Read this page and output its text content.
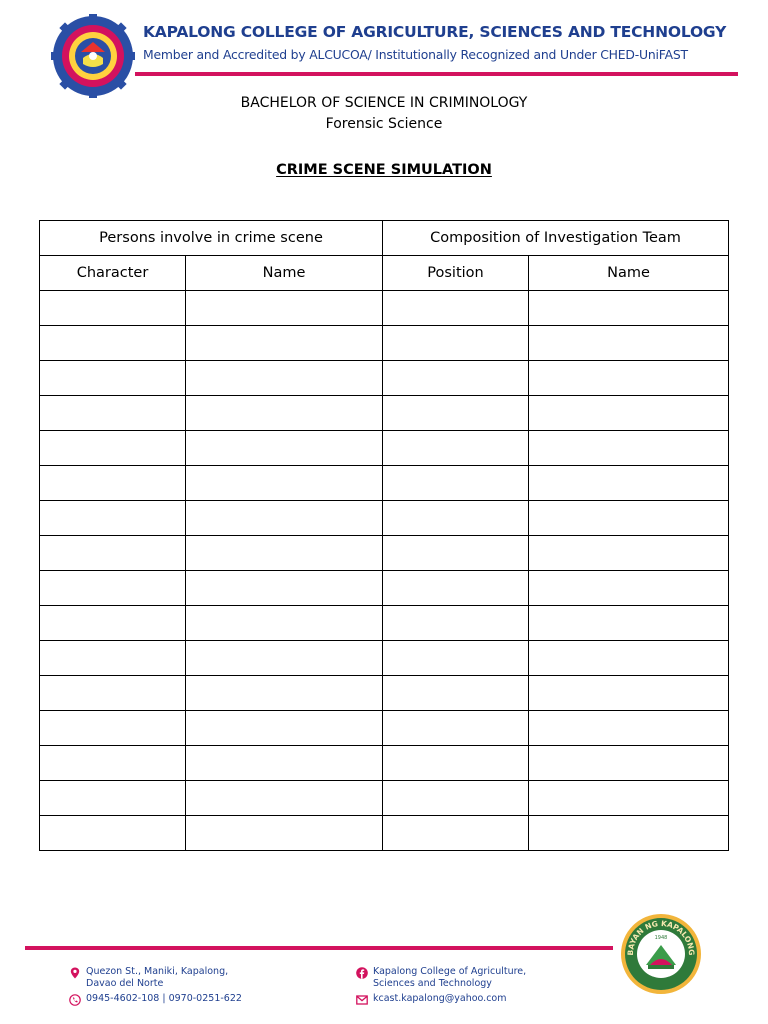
KAPALONG COLLEGE OF AGRICULTURE, SCIENCES AND TECHNOLOGY
Member and Accredited by ALCUCOA/ Institutionally Recognized and Under CHED-UniFAST
BACHELOR OF SCIENCE IN CRIMINOLOGY
Forensic Science
CRIME SCENE SIMULATION
Persons involve in crime scene		Composition of Investigation Team	
Character	Name	Position	Name

Quezon St., Maniki, Kapalong,
Davao del Norte
0945-4602-108 | 0970-0251-622
Kapalong College of Agriculture,
Sciences and Technology
kcast.kapalong@yahoo.com
BAYAN NG KAPALONG
1948
